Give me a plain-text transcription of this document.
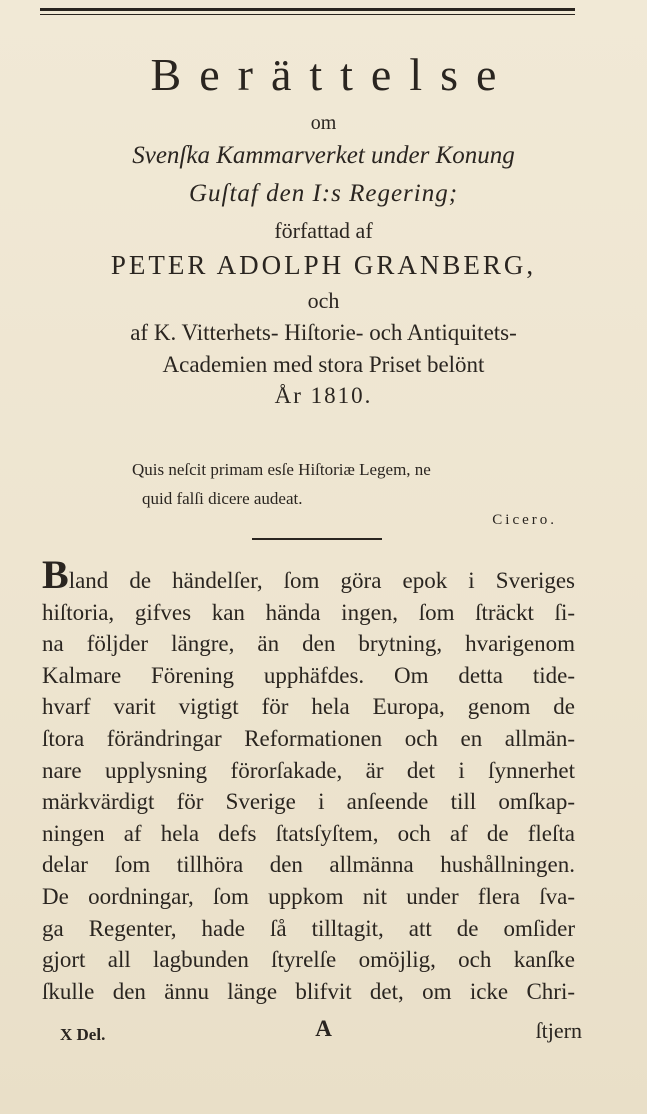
Berättelse
om
Svenſka Kammarverket under Konung
Guſtaf den I:s Regering;
författad af
PETER ADOLPH GRANBERG,
och
af K. Vitterhets- Hiſtorie- och Antiquitets-
Academien med stora Priset belönt
År 1810.
Quis neſcit primam esſe Hiſtoriæ Legem, ne
quid falſi dicere audeat.
Cicero.
Bland de händelſer, ſom göra epok i Sveriges
hiſtoria, gifves kan hända ingen, ſom ſträckt ſi-
na följder längre, än den brytning, hvarigenom
Kalmare Förening upphäfdes. Om detta tide-
hvarf varit vigtigt för hela Europa, genom de
ſtora förändringar Reformationen och en allmän-
nare upplysning förorſakade, är det i ſynnerhet
märkvärdigt för Sverige i anſeende till omſkap-
ningen af hela defs ſtatsſyſtem, och af de fleſta
delar ſom tillhöra den allmänna hushållningen.
De oordningar, ſom uppkom nit under flera ſva-
ga Regenter, hade ſå tilltagit, att de omſider
gjort all lagbunden ſtyrelſe omöjlig, och kanſke
ſkulle den ännu länge blifvit det, om icke Chri-
X Del.	A	ſtjern
